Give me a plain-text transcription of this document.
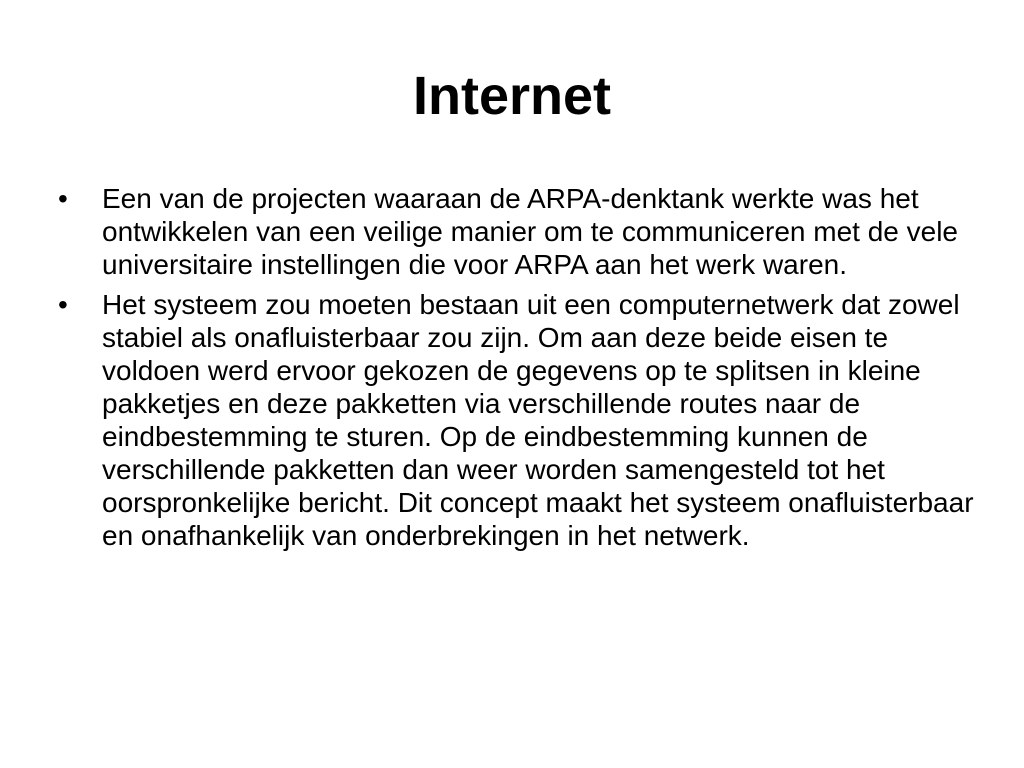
Internet
• Een van de projecten waaraan de ARPA-denktank werkte was het ontwikkelen van een veilige manier om te communiceren met de vele universitaire instellingen die voor ARPA aan het werk waren.
• Het systeem zou moeten bestaan uit een computernetwerk dat zowel stabiel als onafluisterbaar zou zijn. Om aan deze beide eisen te voldoen werd ervoor gekozen de gegevens op te splitsen in kleine pakketjes en deze pakketten via verschillende routes naar de eindbestemming te sturen. Op de eindbestemming kunnen de verschillende pakketten dan weer worden samengesteld tot het oorspronkelijke bericht. Dit concept maakt het systeem onafluisterbaar en onafhankelijk van onderbrekingen in het netwerk.
